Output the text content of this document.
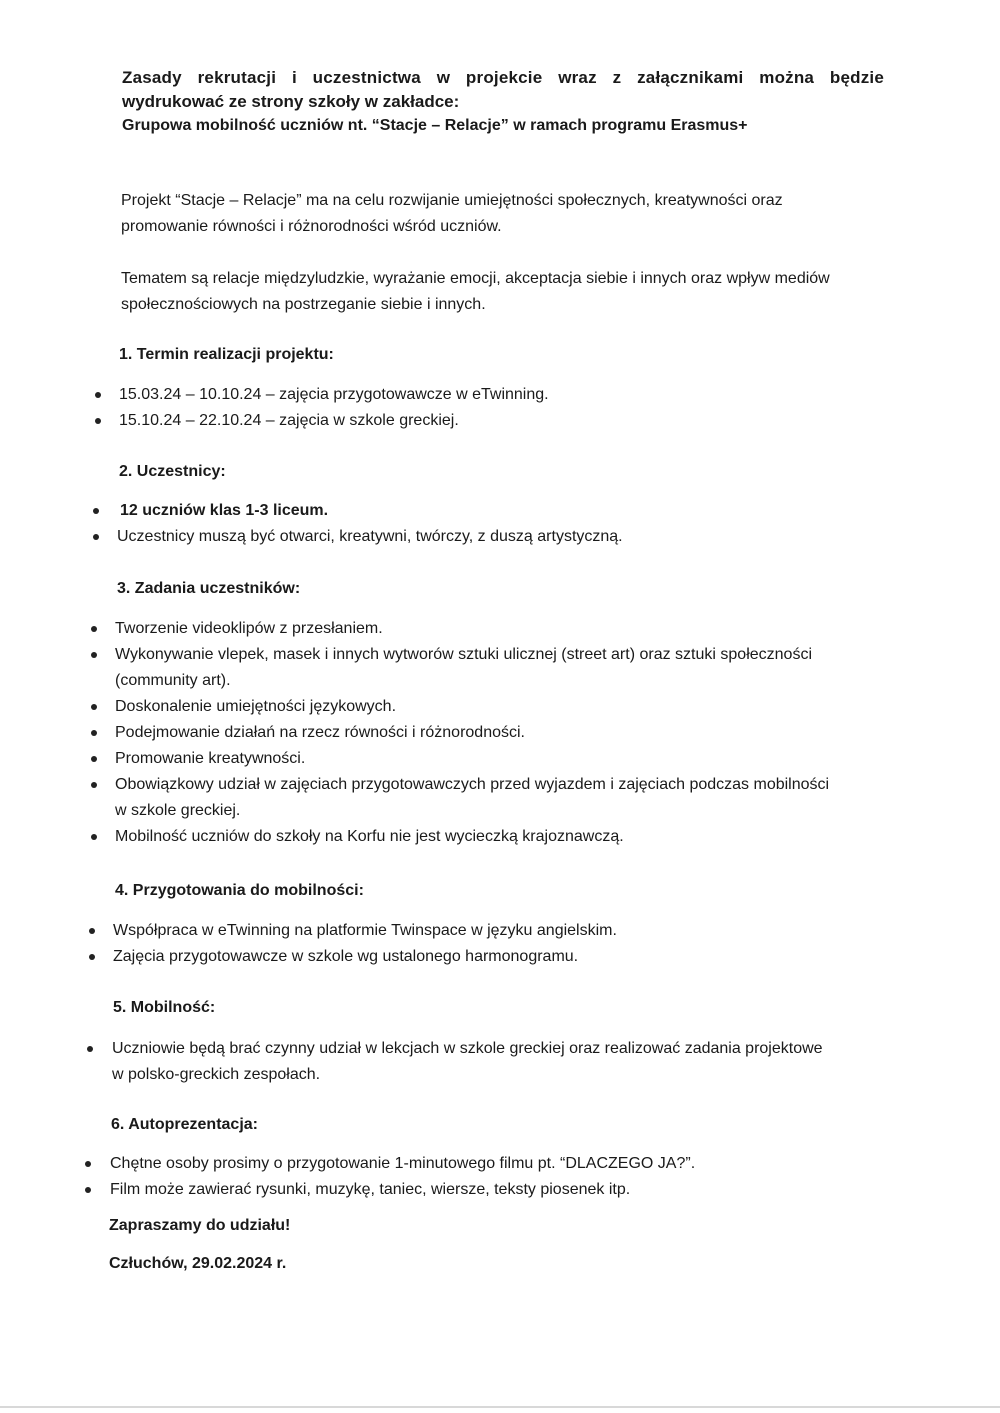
Zasady rekrutacji i uczestnictwa w projekcie wraz z załącznikami można będzie
wydrukować ze strony szkoły w zakładce:
Grupowa mobilność uczniów nt. “Stacje – Relacje” w ramach programu Erasmus+
Projekt “Stacje – Relacje” ma na celu rozwijanie umiejętności społecznych, kreatywności oraz
promowanie równości i różnorodności wśród uczniów.
Tematem są relacje międzyludzkie, wyrażanie emocji, akceptacja siebie i innych oraz wpływ mediów
społecznościowych na postrzeganie siebie i innych.
1. Termin realizacji projektu:
15.03.24 – 10.10.24 – zajęcia przygotowawcze w eTwinning.
15.10.24 – 22.10.24 – zajęcia w szkole greckiej.
2. Uczestnicy:
12 uczniów klas 1-3 liceum.
Uczestnicy muszą być otwarci, kreatywni, twórczy, z duszą artystyczną.
3. Zadania uczestników:
Tworzenie videoklipów z przesłaniem.
Wykonywanie vlepek, masek i innych wytworów sztuki ulicznej (street art) oraz sztuki społeczności
(community art).
Doskonalenie umiejętności językowych.
Podejmowanie działań na rzecz równości i różnorodności.
Promowanie kreatywności.
Obowiązkowy udział w zajęciach przygotowawczych przed wyjazdem i zajęciach podczas mobilności
w szkole greckiej.
Mobilność uczniów do szkoły na Korfu nie jest wycieczką krajoznawczą.
4. Przygotowania do mobilności:
Współpraca w eTwinning na platformie Twinspace w języku angielskim.
Zajęcia przygotowawcze w szkole wg ustalonego harmonogramu.
5. Mobilność:
Uczniowie będą brać czynny udział w lekcjach w szkole greckiej oraz realizować zadania projektowe
w polsko-greckich zespołach.
6. Autoprezentacja:
Chętne osoby prosimy o przygotowanie 1-minutowego filmu pt. “DLACZEGO JA?”.
Film może zawierać rysunki, muzykę, taniec, wiersze, teksty piosenek itp.
Zapraszamy do udziału!
Człuchów, 29.02.2024 r.
